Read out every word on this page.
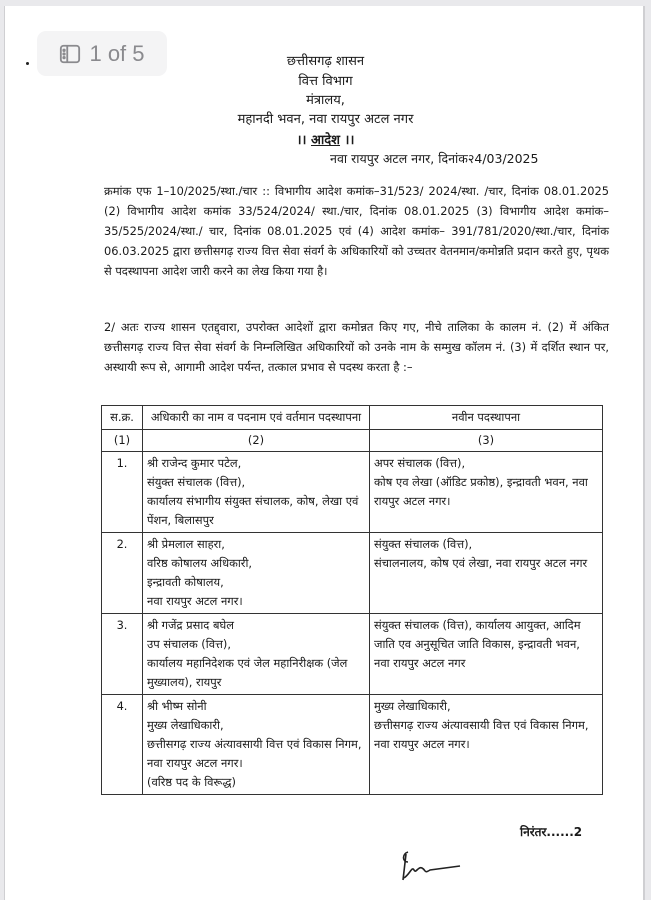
1 of 5	छत्तीसगढ़ शासन
वित्त विभाग
मंत्रालय,
महानदी भवन, नवा रायपुर अटल नगर
।। आदेश ।।
नवा रायपुर अटल नगर, दिनांक२4/03/2025
क्रमांक एफ 1–10/2025/स्था./चार :: विभागीय आदेश कमांक–31/523/ 2024/स्था. /चार, दिनांक 08.01.2025 (2) विभागीय आदेश कमांक 33/524/2024/ स्था./चार, दिनांक 08.01.2025 (3) विभागीय आदेश कमांक– 35/525/2024/स्था./ चार, दिनांक 08.01.2025 एवं (4) आदेश कमांक– 391/781/2020/स्था./चार, दिनांक 06.03.2025 द्वारा छत्तीसगढ़ राज्य वित्त सेवा संवर्ग के अधिकारियों को उच्चतर वेतनमान/कमोन्नति प्रदान करते हुए, पृथक से पदस्थापना आदेश जारी करने का लेख किया गया है।
2/ अतः राज्य शासन एतद्द्वारा, उपरोक्त आदेशों द्वारा कमोन्नत किए गए, नीचे तालिका के कालम नं. (2) में अंकित छत्तीसगढ़ राज्य वित्त सेवा संवर्ग के निम्नलिखित अधिकारियों को उनके नाम के सम्मुख कॉलम नं. (3) में दर्शित स्थान पर, अस्थायी रूप से, आगामी आदेश पर्यन्त, तत्काल प्रभाव से पदस्थ करता है :–
स.क्र.	अधिकारी का नाम व पदनाम एवं वर्तमान पदस्थापना	नवीन पदस्थापना
(1)	(2)	(3)
1.	श्री राजेन्द कुमार पटेल,
संयुक्त संचालक (वित्त),
कार्यालय संभागीय संयुक्त संचालक, कोष, लेखा एवं पेंशन, बिलासपुर	अपर संचालक (वित्त),
कोष एव लेखा (ऑडिट प्रकोष्ठ), इन्द्रावती भवन, नवा रायपुर अटल नगर।

2.	श्री प्रेमलाल साहरा,
वरिष्ठ कोषालय अधिकारी,
इन्द्रावती कोषालय,
नवा रायपुर अटल नगर।	संयुक्त संचालक (वित्त),
संचालनालय, कोष एवं लेखा, नवा रायपुर अटल नगर

3.	श्री गजेंद्र प्रसाद बघेल
उप संचालक (वित्त),
कार्यालय महानिदेशक एवं जेल महानिरीक्षक (जेल मुख्यालय), रायपुर	संयुक्त संचालक (वित्त), कार्यालय आयुक्त, आदिम जाति एव अनुसूचित जाति विकास, इन्द्रावती भवन, नवा रायपुर अटल नगर

4.	श्री भीष्म सोनी
मुख्य लेखाधिकारी,
छत्तीसगढ़ राज्य अंत्यावसायी वित्त एवं विकास निगम, नवा रायपुर अटल नगर।
(वरिष्ठ पद के विरूद्ध)	मुख्य लेखाधिकारी,
छत्तीसगढ़ राज्य अंत्यावसायी वित्त एवं विकास निगम, नवा रायपुर अटल नगर।
निरंतर......2
